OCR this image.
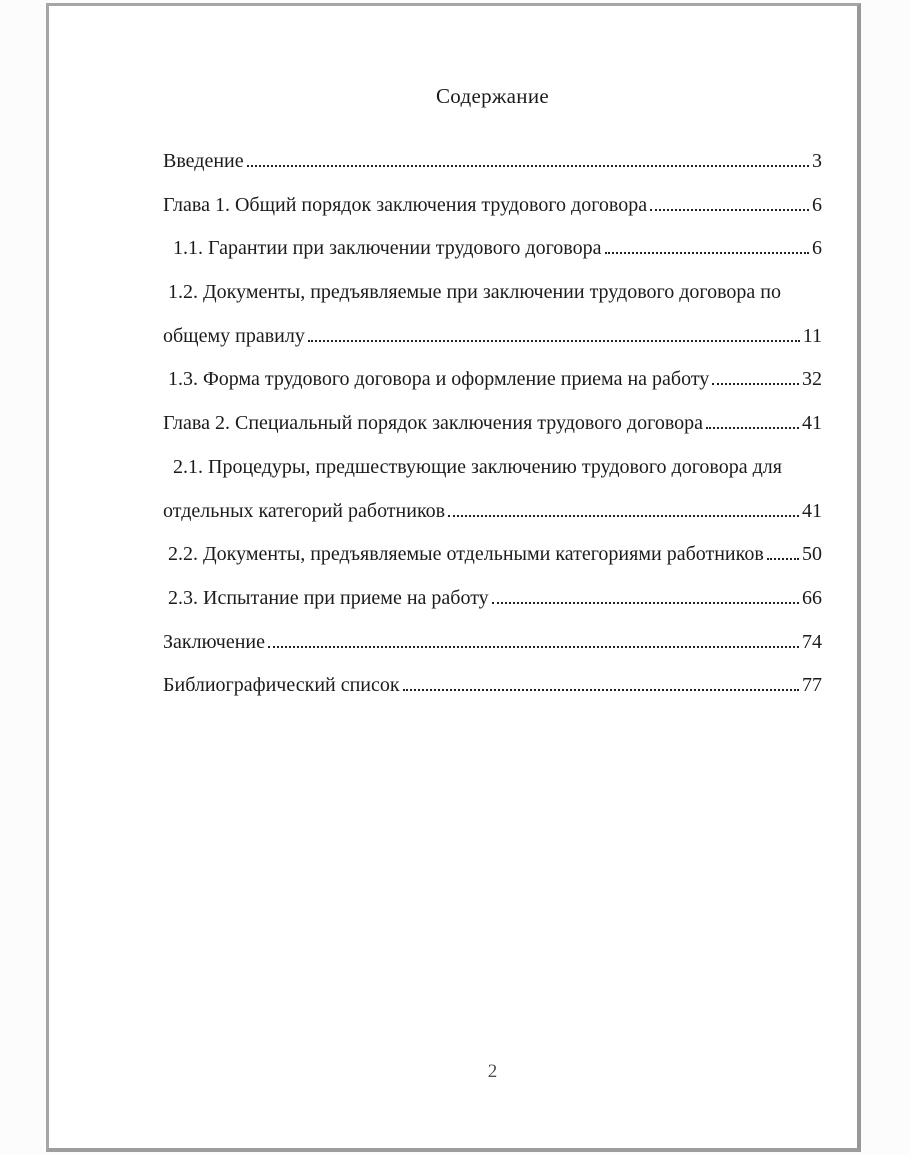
Содержание
Введение	3
Глава 1. Общий порядок заключения трудового договора	6
1.1. Гарантии при заключении трудового договора	6
1.2. Документы, предъявляемые при заключении трудового договора по
общему правилу	11
1.3. Форма трудового договора и оформление приема на работу	32
Глава 2. Специальный порядок заключения трудового договора	41
2.1. Процедуры, предшествующие заключению трудового договора для
отдельных категорий работников	41
2.2. Документы, предъявляемые отдельными категориями работников 50
2.3. Испытание при приеме на работу	66
Заключение	74
Библиографический список	77
2
